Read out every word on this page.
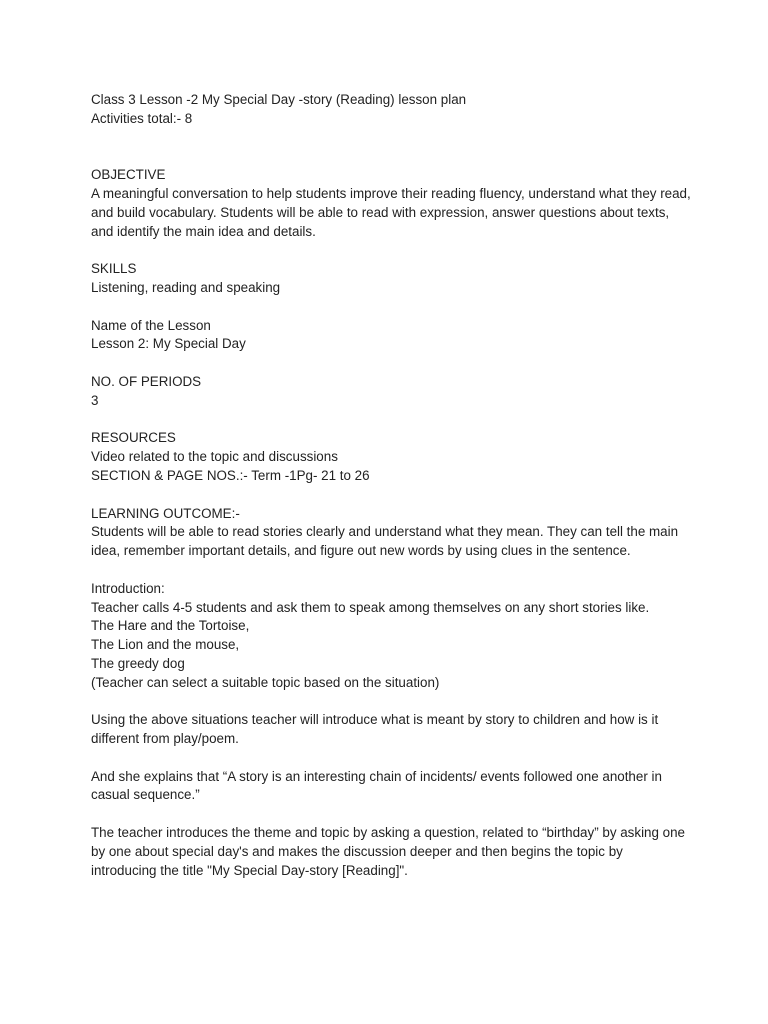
Class 3 Lesson -2 My Special Day -story (Reading) lesson plan

Activities total:- 8

OBJECTIVE

A meaningful conversation to help students improve their reading fluency, understand what they read, and build vocabulary. Students will be able to read with expression, answer questions about texts, and identify the main idea and details.

SKILLS

Listening, reading and speaking

Name of the Lesson

Lesson 2: My Special Day

NO. OF PERIODS

3

RESOURCES

Video related to the topic and discussions

SECTION & PAGE NOS.:- Term -1Pg- 21 to 26

LEARNING OUTCOME:-

Students will be able to read stories clearly and understand what they mean. They can tell the main idea, remember important details, and figure out new words by using clues in the sentence.

Introduction:

Teacher calls 4-5 students and ask them to speak among themselves on any short stories like.

The Hare and the Tortoise,

The Lion and the mouse,

The greedy dog

(Teacher can select a suitable topic based on the situation)

Using the above situations teacher will introduce what is meant by story to children and how is it different from play/poem.

And she explains that “A story is an interesting chain of incidents/ events followed one another in casual sequence.”

The teacher introduces the theme and topic by asking a question, related to “birthday” by asking one by one about special day's and makes the discussion deeper and then begins the topic by introducing the title "My Special Day-story [Reading]".
